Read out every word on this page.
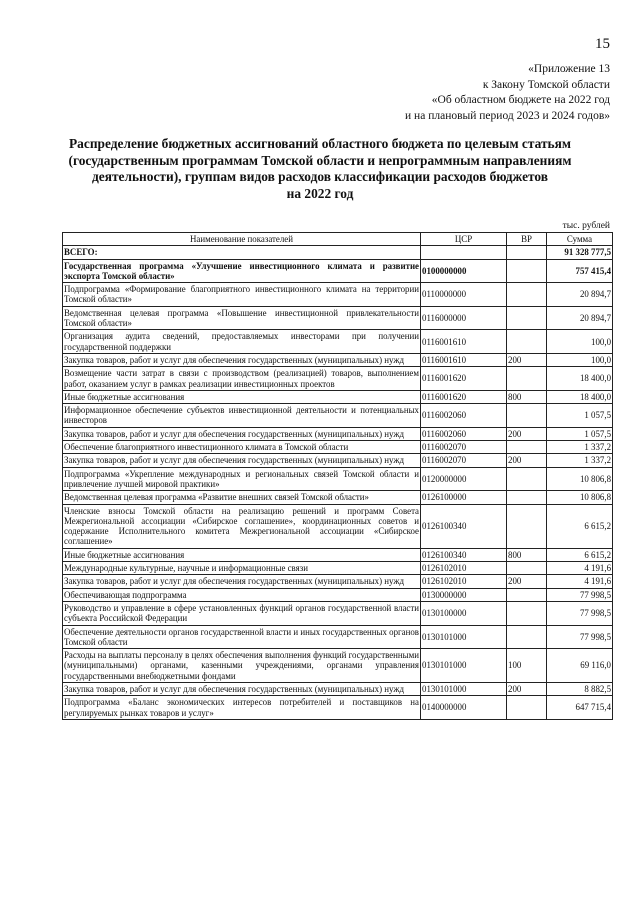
15
«Приложение 13
к Закону Томской области
«Об областном бюджете на 2022 год
и на плановый период 2023 и 2024 годов»
Распределение бюджетных ассигнований областного бюджета по целевым статьям
(государственным программам Томской области и непрограммным направлениям
деятельности), группам видов расходов классификации расходов бюджетов
на 2022 год
тыс. рублей
Наименование показателей	ЦСР	ВР	Сумма
ВСЕГО:			91 328 777,5
Государственная программа «Улучшение инвестиционного климата и развитие экспорта Томской области»	0100000000		757 415,4
Подпрограмма «Формирование благоприятного инвестиционного климата на территории Томской области»	0110000000		20 894,7
Ведомственная целевая программа «Повышение инвестиционной привлекательности Томской области»	0116000000		20 894,7
Организация аудита сведений, предоставляемых инвесторами при получении государственной поддержки	0116001610		100,0
Закупка товаров, работ и услуг для обеспечения государственных (муниципальных) нужд	0116001610	200	100,0
Возмещение части затрат в связи с производством (реализацией) товаров, выполнением работ, оказанием услуг в рамках реализации инвестиционных проектов	0116001620		18 400,0
Иные бюджетные ассигнования	0116001620	800	18 400,0
Информационное обеспечение субъектов инвестиционной деятельности и потенциальных инвесторов	0116002060		1 057,5
Закупка товаров, работ и услуг для обеспечения государственных (муниципальных) нужд	0116002060	200	1 057,5
Обеспечение благоприятного инвестиционного климата в Томской области	0116002070		1 337,2
Закупка товаров, работ и услуг для обеспечения государственных (муниципальных) нужд	0116002070	200	1 337,2
Подпрограмма «Укрепление международных и региональных связей Томской области и привлечение лучшей мировой практики»	0120000000		10 806,8
Ведомственная целевая программа «Развитие внешних связей Томской области»	0126100000		10 806,8
Членские взносы Томской области на реализацию решений и программ Совета Межрегиональной ассоциации «Сибирское соглашение», координационных советов и содержание Исполнительного комитета Межрегиональной ассоциации «Сибирское соглашение»	0126100340		6 615,2
Иные бюджетные ассигнования	0126100340	800	6 615,2
Международные культурные, научные и информационные связи	0126102010		4 191,6
Закупка товаров, работ и услуг для обеспечения государственных (муниципальных) нужд	0126102010	200	4 191,6
Обеспечивающая подпрограмма	0130000000		77 998,5
Руководство и управление в сфере установленных функций органов государственной власти субъекта Российской Федерации	0130100000		77 998,5
Обеспечение деятельности органов государственной власти и иных государственных органов Томской области	0130101000		77 998,5
Расходы на выплаты персоналу в целях обеспечения выполнения функций государственными (муниципальными) органами, казенными учреждениями, органами управления государственными внебюджетными фондами	0130101000	100	69 116,0
Закупка товаров, работ и услуг для обеспечения государственных (муниципальных) нужд	0130101000	200	8 882,5
Подпрограмма «Баланс экономических интересов потребителей и поставщиков на регулируемых рынках товаров и услуг»	0140000000		647 715,4
